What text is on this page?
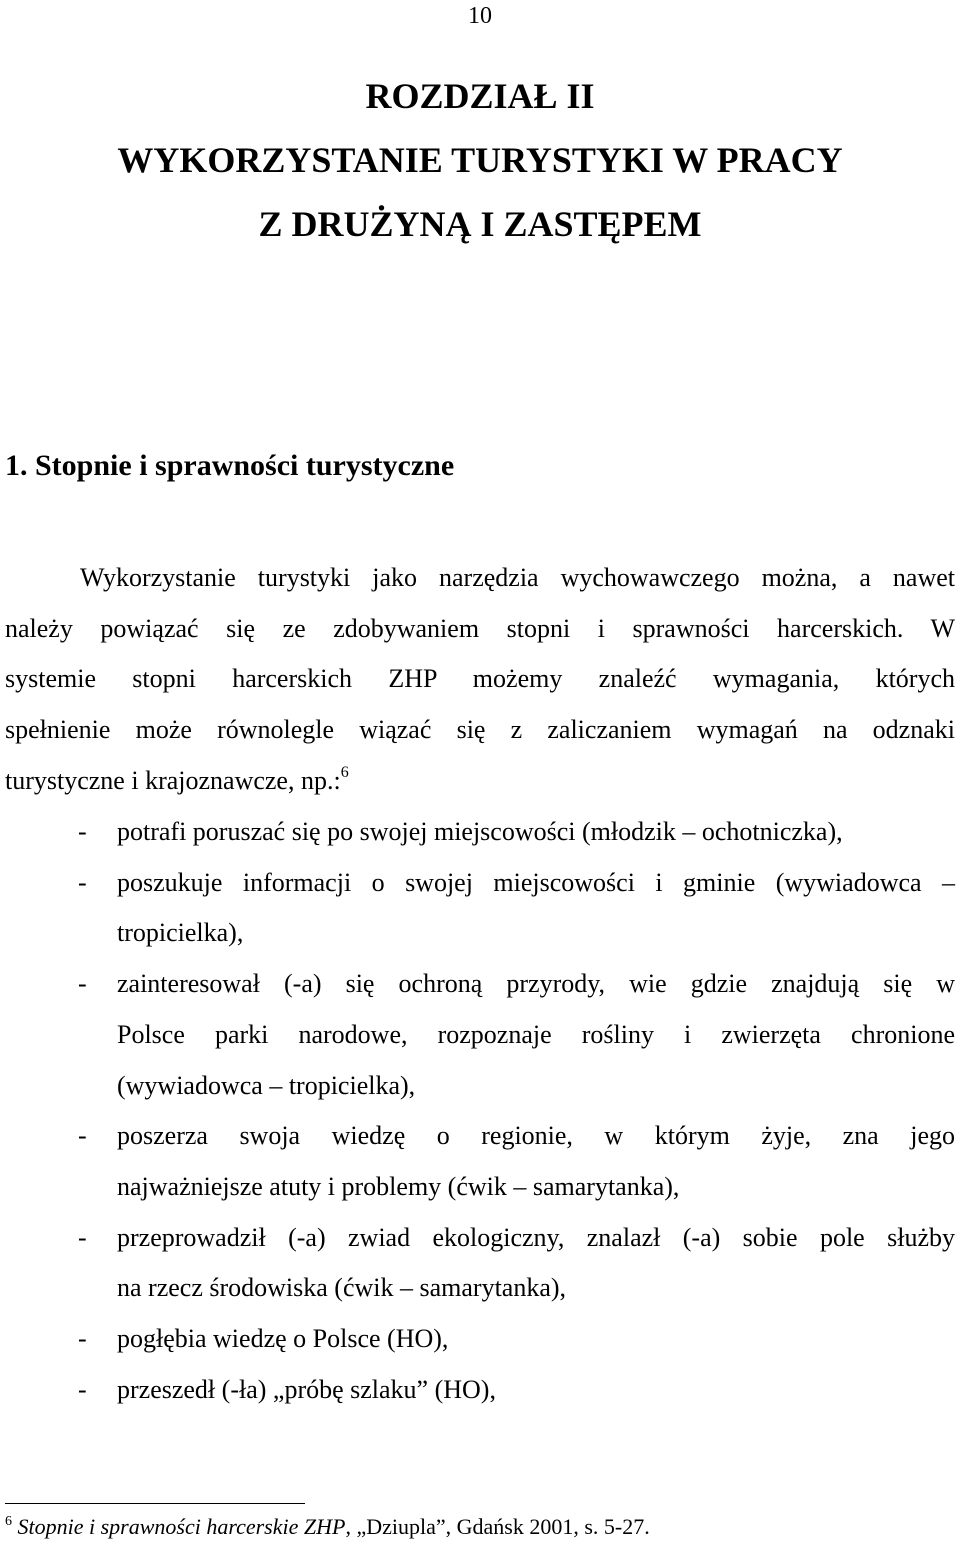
10
ROZDZIAŁ II
WYKORZYSTANIE TURYSTYKI W PRACY
Z DRUŻYNĄ I ZASTĘPEM
1. Stopnie i sprawności turystyczne
Wykorzystanie turystyki jako narzędzia wychowawczego można, a nawet
należy powiązać się ze zdobywaniem stopni i sprawności harcerskich. W
systemie stopni harcerskich ZHP możemy znaleźć wymagania, których
spełnienie może równolegle wiązać się z zaliczaniem wymagań na odznaki
turystyczne i krajoznawcze, np.:$^6$
- potrafi poruszać się po swojej miejscowości (młodzik – ochotniczka),
- poszukuje informacji o swojej miejscowości i gminie (wywiadowca –
tropicielka),
- zainteresował (-a) się ochroną przyrody, wie gdzie znajdują się w
Polsce parki narodowe, rozpoznaje rośliny i zwierzęta chronione
(wywiadowca – tropicielka),
- poszerza swoja wiedzę o regionie, w którym żyje, zna jego
najważniejsze atuty i problemy (ćwik – samarytanka),
- przeprowadził (-a) zwiad ekologiczny, znalazł (-a) sobie pole służby
na rzecz środowiska (ćwik – samarytanka),
- pogłębia wiedzę o Polsce (HO),
- przeszedł (-ła) „próbę szlaku” (HO),
$^6$ Stopnie i sprawności harcerskie ZHP, „Dziupla”, Gdańsk 2001, s. 5-27.
